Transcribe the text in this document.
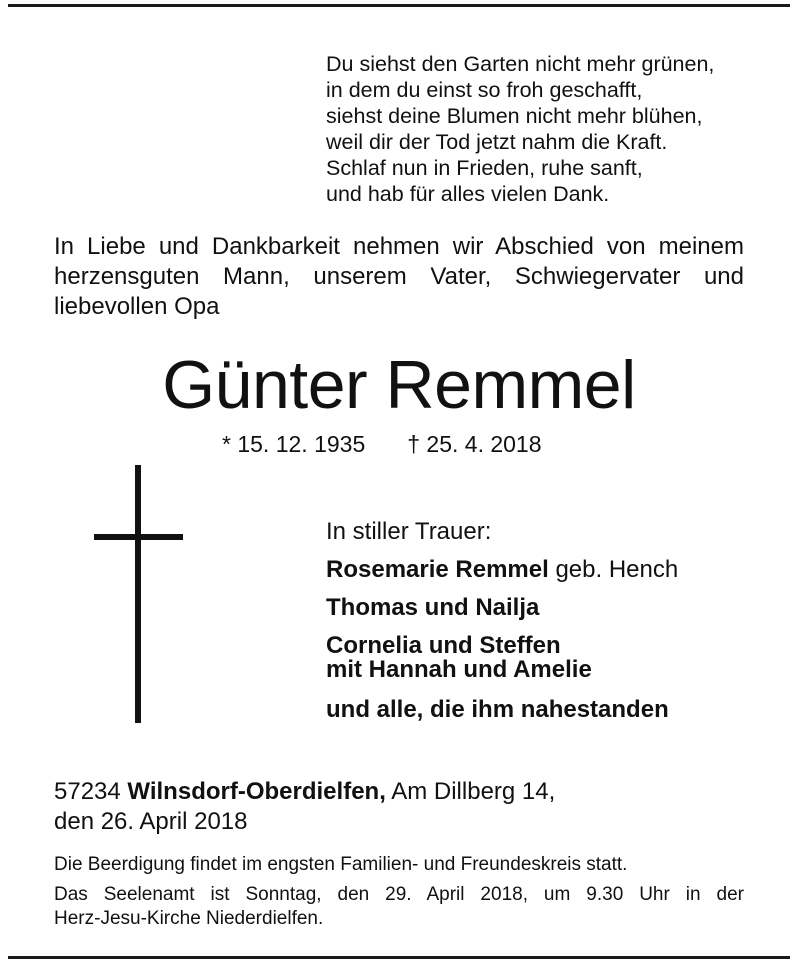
Du siehst den Garten nicht mehr grünen,
in dem du einst so froh geschafft,
siehst deine Blumen nicht mehr blühen,
weil dir der Tod jetzt nahm die Kraft.
Schlaf nun in Frieden, ruhe sanft,
und hab für alles vielen Dank.
In Liebe und Dankbarkeit nehmen wir Abschied von meinem
herzensguten Mann, unserem Vater, Schwiegervater und
liebevollen Opa
Günter Remmel
* 15. 12. 1935 † 25. 4. 2018
In stiller Trauer:
Rosemarie Remmel geb. Hench
Thomas und Nailja
Cornelia und Steffen
mit Hannah und Amelie
und alle, die ihm nahestanden
57234 Wilnsdorf-Oberdielfen, Am Dillberg 14,
den 26. April 2018
Die Beerdigung findet im engsten Familien- und Freundeskreis statt.
Das Seelenamt ist Sonntag, den 29. April 2018, um 9.30 Uhr in der
Herz-Jesu-Kirche Niederdielfen.
